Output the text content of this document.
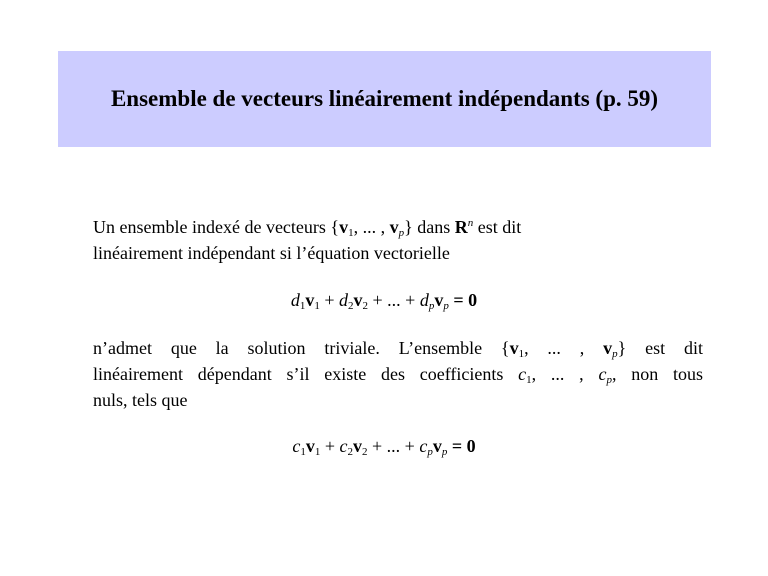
Ensemble de vecteurs linéairement indépendants (p. 59)
Un ensemble indexé de vecteurs {$v_1$, ... , $v_p$} dans $R^n$ est dit
linéairement indépendant si l’équation vectorielle
$d_1v_1 + d_2v_2$ + ... + $d_pv_p = 0$
n’admet que la solution triviale. L’ensemble {$v_1$, ... , $v_p$} est dit
linéairement dépendant s’il existe des coefficients $c_1$, ... , $c_p$, non tous
nuls, tels que
$c_1v_1 + c_2v_2$ + ... + $c_pv_p = 0$
